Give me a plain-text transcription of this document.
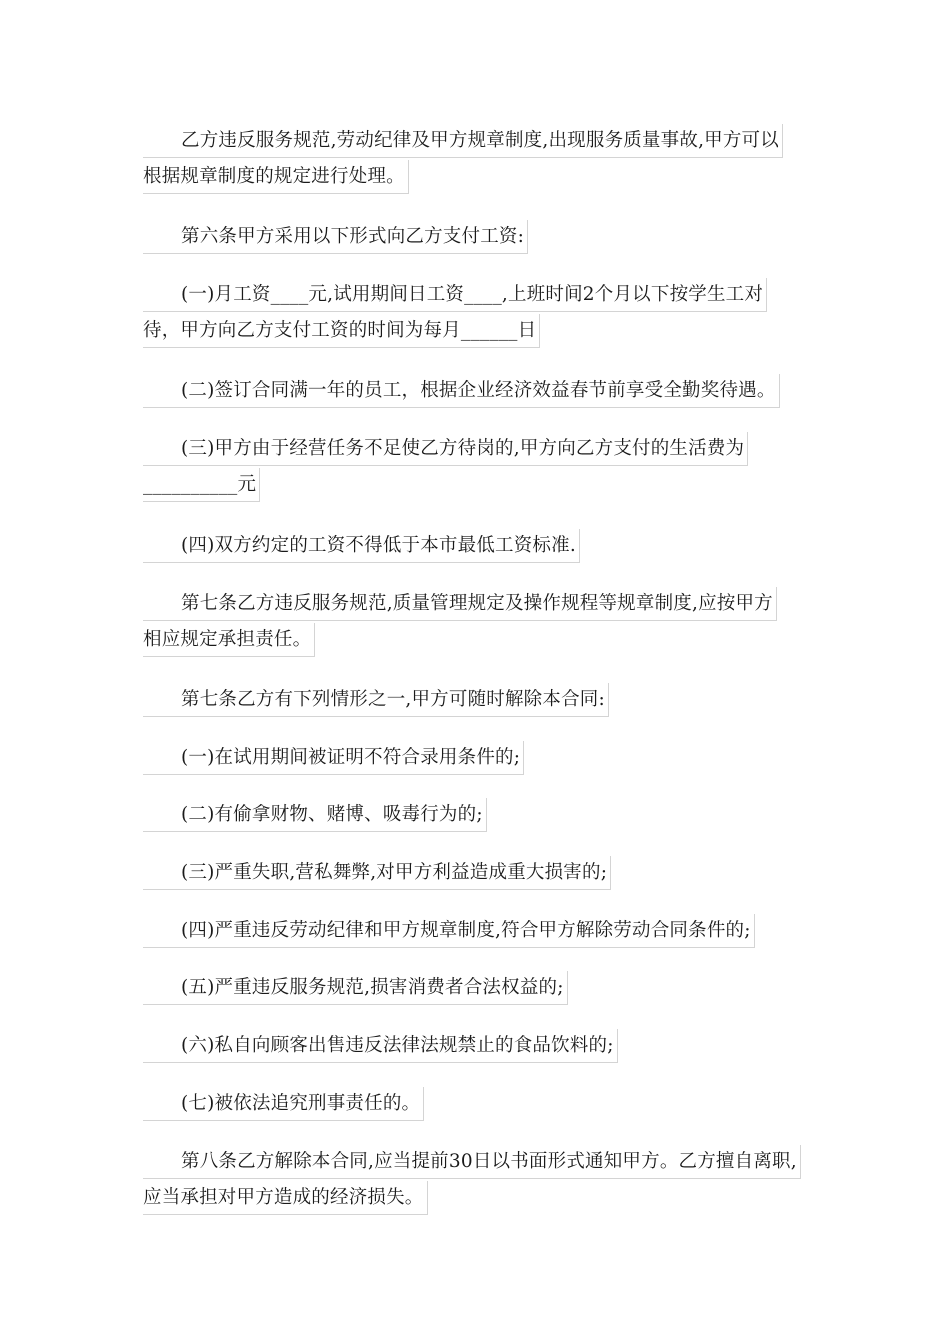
乙方违反服务规范,劳动纪律及甲方规章制度,出现服务质量事故,甲方可以
根据规章制度的规定进行处理。
第六条甲方采用以下形式向乙方支付工资:
(一)月工资____元,试用期间日工资____,上班时间2个月以下按学生工对
待，甲方向乙方支付工资的时间为每月______日
(二)签订合同满一年的员工，根据企业经济效益春节前享受全勤奖待遇。
(三)甲方由于经营任务不足使乙方待岗的,甲方向乙方支付的生活费为
__________元
(四)双方约定的工资不得低于本市最低工资标准.
第七条乙方违反服务规范,质量管理规定及操作规程等规章制度,应按甲方
相应规定承担责任。
第七条乙方有下列情形之一,甲方可随时解除本合同:
(一)在试用期间被证明不符合录用条件的;
(二)有偷拿财物、赌博、吸毒行为的;
(三)严重失职,营私舞弊,对甲方利益造成重大损害的;
(四)严重违反劳动纪律和甲方规章制度,符合甲方解除劳动合同条件的;
(五)严重违反服务规范,损害消费者合法权益的;
(六)私自向顾客出售违反法律法规禁止的食品饮料的;
(七)被依法追究刑事责任的。
第八条乙方解除本合同,应当提前30日以书面形式通知甲方。乙方擅自离职,
应当承担对甲方造成的经济损失。
